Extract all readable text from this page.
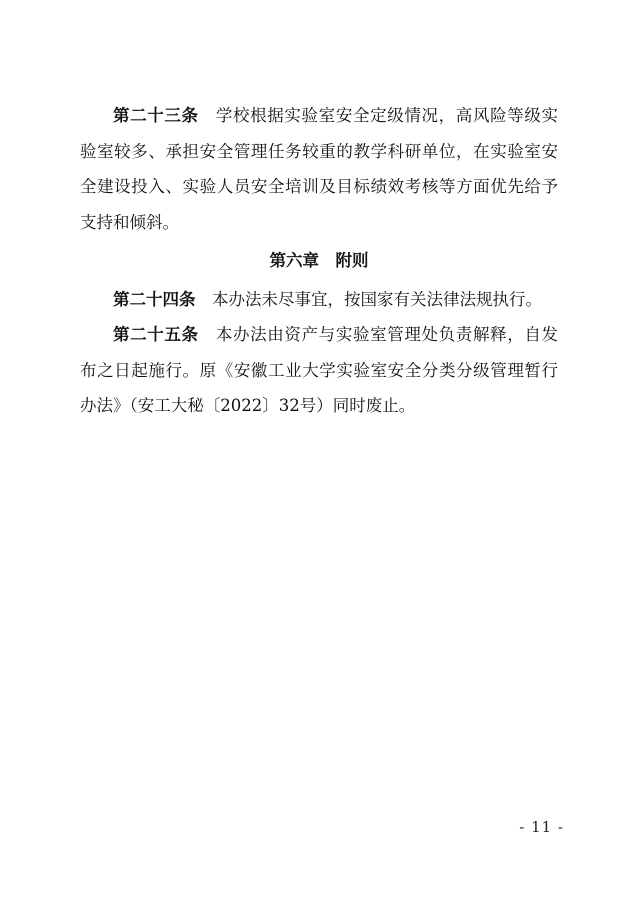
第二十三条 学校根据实验室安全定级情况，高风险等级实验室较多、承担安全管理任务较重的教学科研单位，在实验室安全建设投入、实验人员安全培训及目标绩效考核等方面优先给予支持和倾斜。

第六章 附则

第二十四条 本办法未尽事宜，按国家有关法律法规执行。

第二十五条 本办法由资产与实验室管理处负责解释，自发布之日起施行。原《安徽工业大学实验室安全分类分级管理暂行办法》（安工大秘〔2022〕32号）同时废止。

- 11 -
